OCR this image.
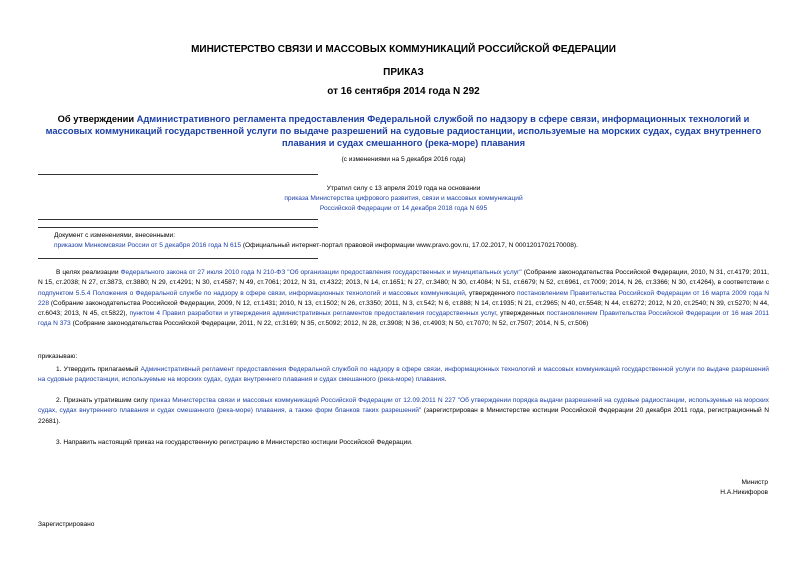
МИНИСТЕРСТВО СВЯЗИ И МАССОВЫХ КОММУНИКАЦИЙ РОССИЙСКОЙ ФЕДЕРАЦИИ
ПРИКАЗ
от 16 сентября 2014 года N 292
Об утверждении Административного регламента предоставления Федеральной службой по надзору в сфере связи, информационных технологий и массовых коммуникаций государственной услуги по выдаче разрешений на судовые радиостанции, используемые на морских судах, судах внутреннего плавания и судах смешанного (река-море) плавания
(с изменениями на 5 декабря 2016 года)
Утратил силу с 13 апреля 2019 года на основании
приказа Министерства цифрового развития, связи и массовых коммуникаций
Российской Федерации от 14 декабря 2018 года N 695
Документ с изменениями, внесенными:
приказом Минкомсвязи России от 5 декабря 2016 года N 615 (Официальный интернет-портал правовой информации www.pravo.gov.ru, 17.02.2017, N 0001201702170008).
В целях реализации Федерального закона от 27 июля 2010 года N 210-ФЗ "Об организации предоставления государственных и муниципальных услуг" (Собрание законодательства Российской Федерации, 2010, N 31, ст.4179; 2011, N 15, ст.2038; N 27, ст.3873, ст.3880; N 29, ст.4291; N 30, ст.4587; N 49, ст.7061; 2012, N 31, ст.4322; 2013, N 14, ст.1651; N 27, ст.3480; N 30, ст.4084; N 51, ст.6679; N 52, ст.6961, ст.7009; 2014, N 26, ст.3366; N 30, ст.4264), в соответствии с подпунктом 5.5.4 Положения о Федеральной службе по надзору в сфере связи, информационных технологий и массовых коммуникаций, утвержденного постановлением Правительства Российской Федерации от 16 марта 2009 года N 228 (Собрание законодательства Российской Федерации, 2009, N 12, ст.1431; 2010, N 13, ст.1502; N 26, ст.3350; 2011, N 3, ст.542; N 6, ст.888; N 14, ст.1935; N 21, ст.2965; N 40, ст.5548; N 44, ст.6272; 2012, N 20, ст.2540; N 39, ст.5270; N 44, ст.6043; 2013, N 45, ст.5822), пунктом 4 Правил разработки и утверждения административных регламентов предоставления государственных услуг, утвержденных постановлением Правительства Российской Федерации от 16 мая 2011 года N 373 (Собрание законодательства Российской Федерации, 2011, N 22, ст.3169; N 35, ст.5092; 2012, N 28, ст.3908; N 36, ст.4903; N 50, ст.7070; N 52, ст.7507; 2014, N 5, ст.506)
приказываю:
1. Утвердить прилагаемый Административный регламент предоставления Федеральной службой по надзору в сфере связи, информационных технологий и массовых коммуникаций государственной услуги по выдаче разрешений на судовые радиостанции, используемые на морских судах, судах внутреннего плавания и судах смешанного (река-море) плавания.
2. Признать утратившим силу приказ Министерства связи и массовых коммуникаций Российской Федерации от 12.09.2011 N 227 "Об утверждении порядка выдачи разрешений на судовые радиостанции, используемые на морских судах, судах внутреннего плавания и судах смешанного (река-море) плавания, а также форм бланков таких разрешений" (зарегистрирован в Министерстве юстиции Российской Федерации 20 декабря 2011 года, регистрационный N 22681).
3. Направить настоящий приказ на государственную регистрацию в Министерство юстиции Российской Федерации.
Министр
Н.А.Никифоров
Зарегистрировано
